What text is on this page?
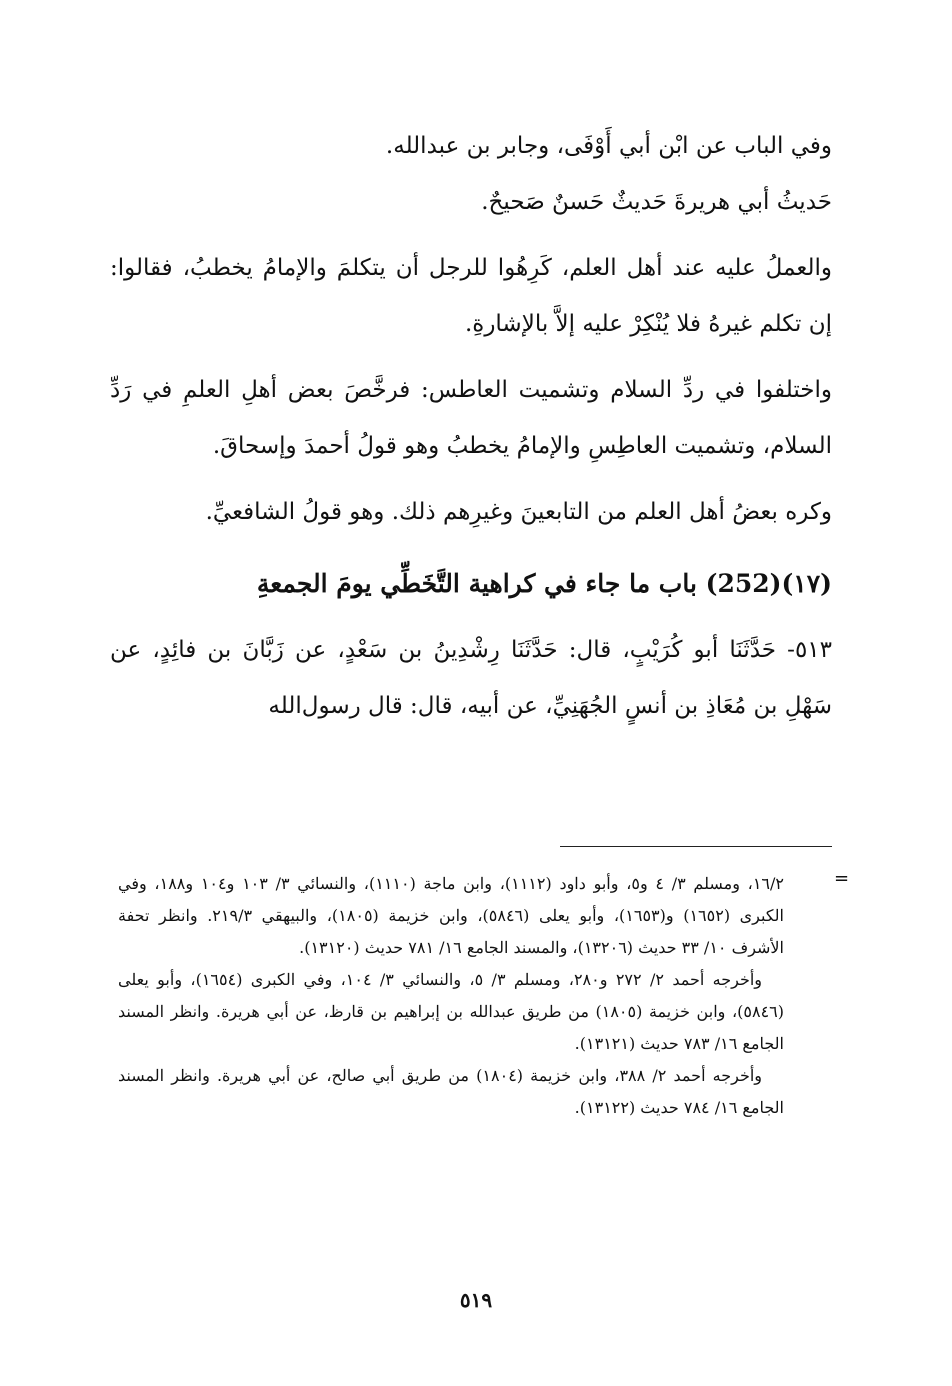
وفي الباب عن ابْن أبي أَوْفَى، وجابر بن عبدالله.

حَديثُ أبي هريرةَ حَديثٌ حَسنٌ صَحيحٌ.

والعملُ عليه عند أهل العلم، كَرِهُوا للرجل أن يتكلمَ والإمامُ يخطبُ، فقالوا: إن تكلم غيرهُ فلا يُنْكِرْ عليه إلاَّ بالإشارةِ.

واختلفوا في ردِّ السلام وتشميت العاطس: فرخَّصَ بعض أهلِ العلمِ في رَدِّ السلام، وتشميت العاطِسِ والإمامُ يخطبُ وهو قولُ أحمدَ وإسحاقَ.

وكره بعضُ أهل العلم من التابعينَ وغيرِهم ذلك. وهو قولُ الشافعيِّ.

(١٧)(252) باب ما جاء في كراهية التَّخَطِّي يومَ الجمعةِ

٥١٣- حَدَّثَنَا أبو كُرَيْبٍ، قال: حَدَّثَنَا رِشْدِينُ بن سَعْدٍ، عن زَبَّانَ بن فائِدٍ، عن سَهْلِ بن مُعَاذِ بن أنسٍ الجُهَنِيِّ، عن أبيه، قال: قال رسول‌الله

=

١٦/٢، ومسلم ٣/ ٤ و٥، وأبو داود (١١١٢)، وابن ماجة (١١١٠)، والنسائي ٣/ ١٠٣ و١٠٤ و١٨٨، وفي الكبرى (١٦٥٢) و(١٦٥٣)، وأبو يعلى (٥٨٤٦)، وابن خزيمة (١٨٠٥)، والبيهقي ٢١٩/٣. وانظر تحفة الأشرف ١٠/ ٣٣ حديث (١٣٢٠٦)، والمسند الجامع ١٦/ ٧٨١ حديث (١٣١٢٠).

وأخرجه أحمد ٢/ ٢٧٢ و٢٨٠، ومسلم ٣/ ٥، والنسائي ٣/ ١٠٤، وفي الكبرى (١٦٥٤)، وأبو يعلى (٥٨٤٦)، وابن خزيمة (١٨٠٥) من طريق عبدالله بن إبراهيم بن قارظ، عن أبي هريرة. وانظر المسند الجامع ١٦/ ٧٨٣ حديث (١٣١٢١).

وأخرجه أحمد ٢/ ٣٨٨، وابن خزيمة (١٨٠٤) من طريق أبي صالح، عن أبي هريرة. وانظر المسند الجامع ١٦/ ٧٨٤ حديث (١٣١٢٢).

٥١٩
